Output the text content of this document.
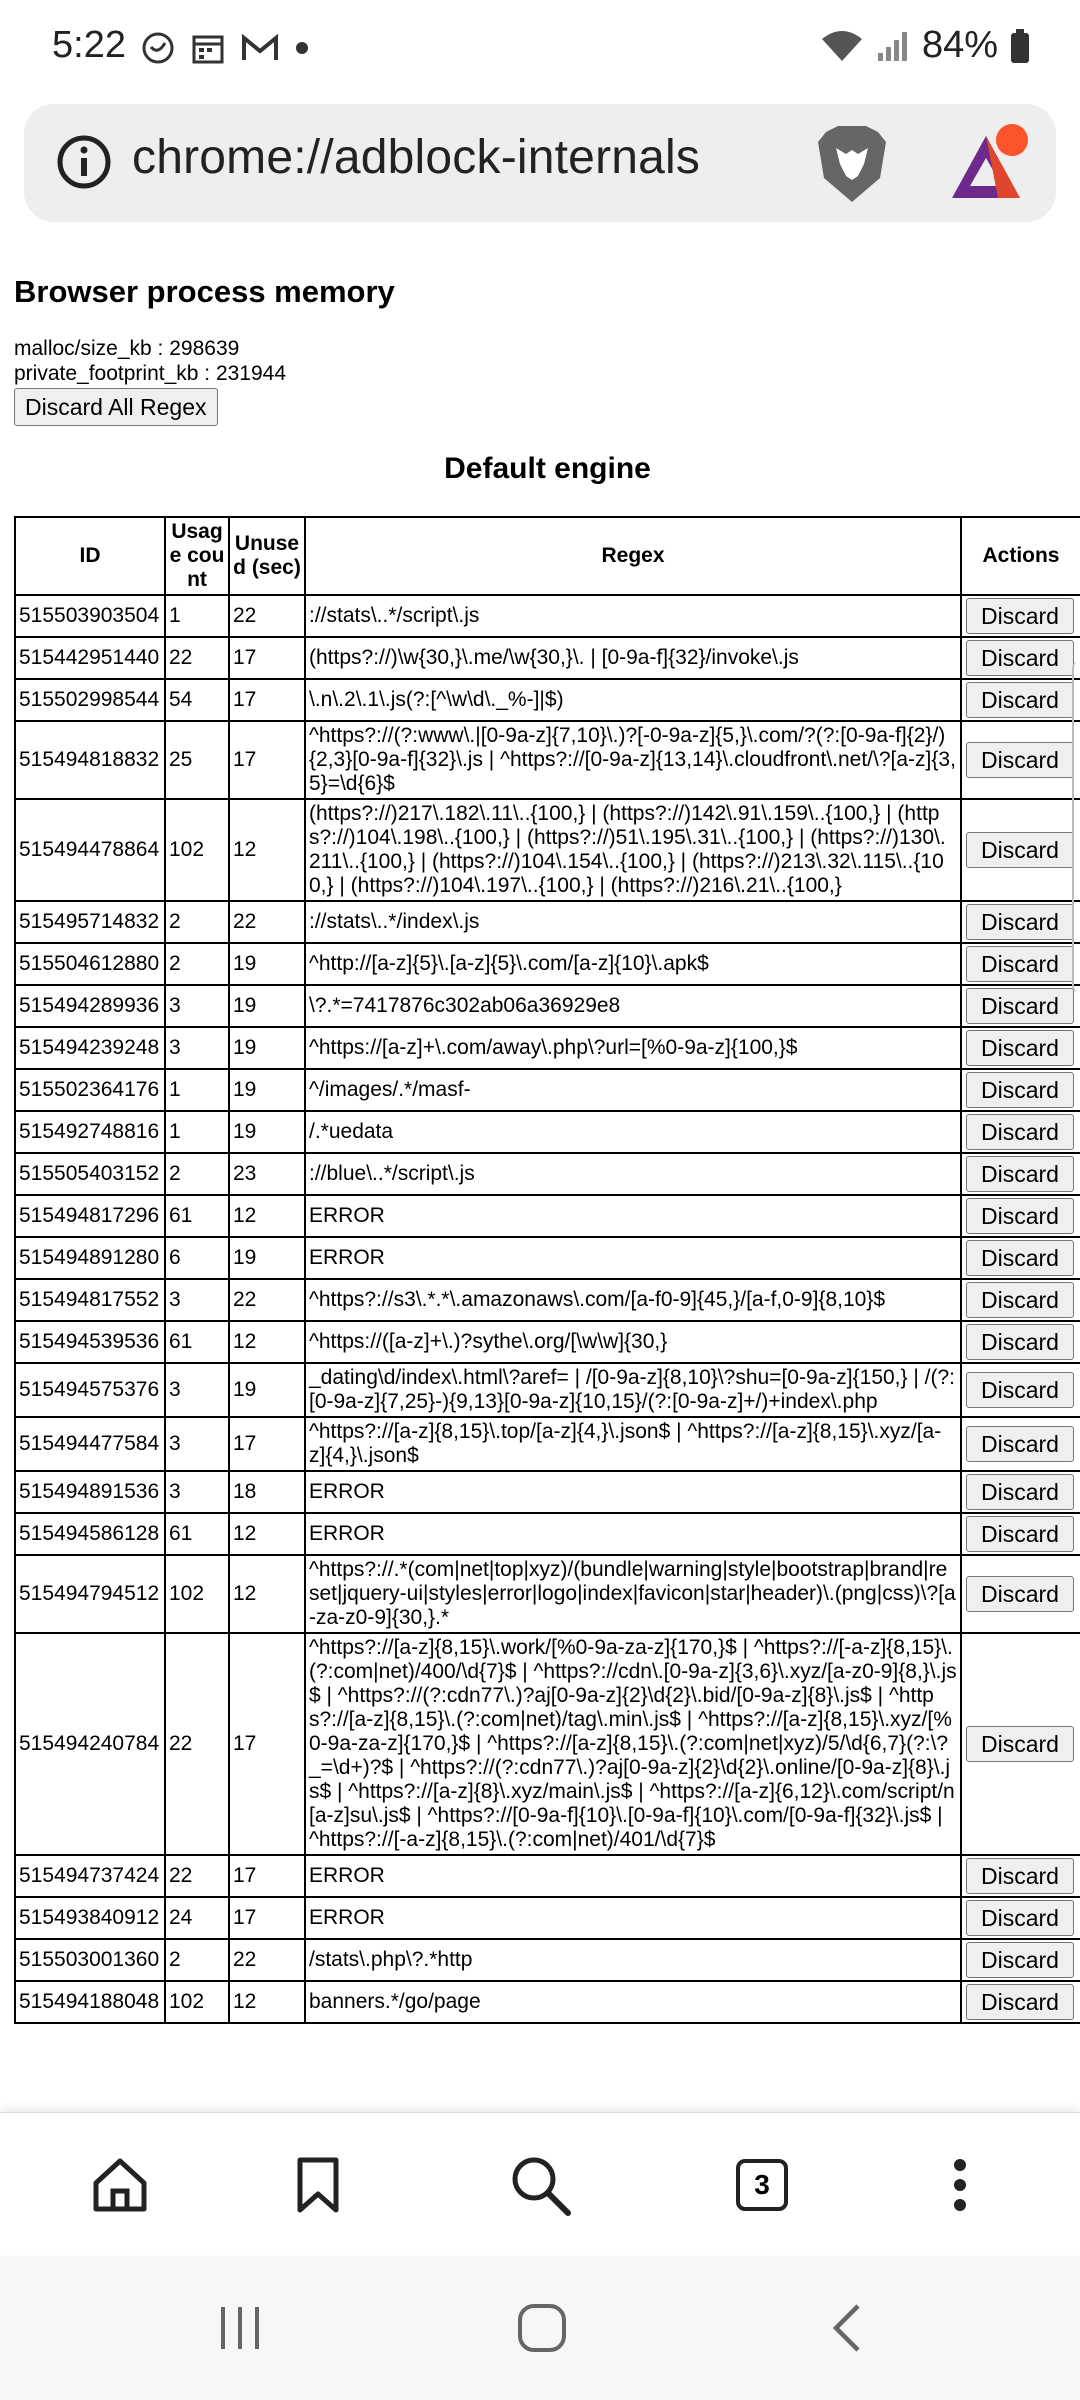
5:22	84%
chrome://adblock-internals
Browser process memory
malloc/size_kb : 298639
private_footprint_kb : 231944
Discard All Regex
Default engine
ID	Usage count	Unused (sec)	Regex	Actions
515503903504	1	22	://stats\..*/script\.js	Discard

515442951440	22	17	(https?://)\w{30,}\.me/\w{30,}\. | [0-9a-f]{32}/invoke\.js	Discard

515502998544	54	17	\.n\.2\.1\.js(?:[^\w\d\._%-]|$)	Discard

515494818832	25	17	^https?://(?:www\.|[0-9a-z]{7,10}\.)?[-0-9a-z]{5,}\.com/?(?:[0-9a-f]{2}/){2,3}[0-9a-f]{32}\.js | ^https?://[0-9a-z]{13,14}\.cloudfront\.net/\?[a-z]{3,5}=\d{6}$	Discard

515494478864	102	12	(https?://)217\.182\.11\..{100,} | (https?://)142\.91\.159\..{100,} | (https?://)104\.198\..{100,} | (https?://)51\.195\.31\..{100,} | (https?://)130\.211\..{100,} | (https?://)104\.154\..{100,} | (https?://)213\.32\.115\..{100,} | (https?://)104\.197\..{100,} | (https?://)216\.21\..{100,}	Discard

515495714832	2	22	://stats\..*/index\.js	Discard

515504612880	2	19	^http://[a-z]{5}\.[a-z]{5}\.com/[a-z]{10}\.apk$	Discard

515494289936	3	19	\?.*=7417876c302ab06a36929e8	Discard

515494239248	3	19	^https://[a-z]+\.com/away\.php\?url=[%0-9a-z]{100,}$	Discard

515502364176	1	19	^/images/.*/masf-	Discard

515492748816	1	19	/.*uedata	Discard

515505403152	2	23	://blue\..*/script\.js	Discard

515494817296	61	12	ERROR	Discard

515494891280	6	19	ERROR	Discard

515494817552	3	22	^https?://s3\.*.*\.amazonaws\.com/[a-f0-9]{45,}/[a-f,0-9]{8,10}$	Discard

515494539536	61	12	^https://([a-z]+\.)?sythe\.org/[\w\w]{30,}	Discard

515494575376	3	19	_dating\d/index\.html\?aref= | /[0-9a-z]{8,10}\?shu=[0-9a-z]{150,} | /(?:[0-9a-z]{7,25}-){9,13}[0-9a-z]{10,15}/(?:[0-9a-z]+/)+index\.php	Discard

515494477584	3	17	^https?://[a-z]{8,15}\.top/[a-z]{4,}\.json$ | ^https?://[a-z]{8,15}\.xyz/[a-z]{4,}\.json$	Discard

515494891536	3	18	ERROR	Discard

515494586128	61	12	ERROR	Discard

515494794512	102	12	^https?://.*(com|net|top|xyz)/(bundle|warning|style|bootstrap|brand|reset|jquery-ui|styles|error|logo|index|favicon|star|header)\.(png|css)\?[a-za-z0-9]{30,}.*	Discard

515494240784	22	17	^https?://[a-z]{8,15}\.work/[%0-9a-za-z]{170,}$ | ^https?://[-a-z]{8,15}\.(?:com|net)/400/\d{7}$ | ^https?://cdn\.[0-9a-z]{3,6}\.xyz/[a-z0-9]{8,}\.js$ | ^https?://(?:cdn77\.)?aj[0-9a-z]{2}\d{2}\.bid/[0-9a-z]{8}\.js$ | ^https?://[a-z]{8,15}\.(?:com|net)/tag\.min\.js$ | ^https?://[a-z]{8,15}\.xyz/[%0-9a-za-z]{170,}$ | ^https?://[a-z]{8,15}\.(?:com|net|xyz)/5/\d{6,7}(?:\?_=\d+)?$ | ^https?://(?:cdn77\.)?aj[0-9a-z]{2}\d{2}\.online/[0-9a-z]{8}\.js$ | ^https?://[a-z]{8}\.xyz/main\.js$ | ^https?://[a-z]{6,12}\.com/script/n[a-z]su\.js$ | ^https?://[0-9a-f]{10}\.[0-9a-f]{10}\.com/[0-9a-f]{32}\.js$ | ^https?://[-a-z]{8,15}\.(?:com|net)/401/\d{7}$	Discard

515494737424	22	17	ERROR	Discard

515493840912	24	17	ERROR	Discard

515503001360	2	22	/stats\.php\?.*http	Discard

515494188048	102	12	banners.*/go/page	Discard
3
